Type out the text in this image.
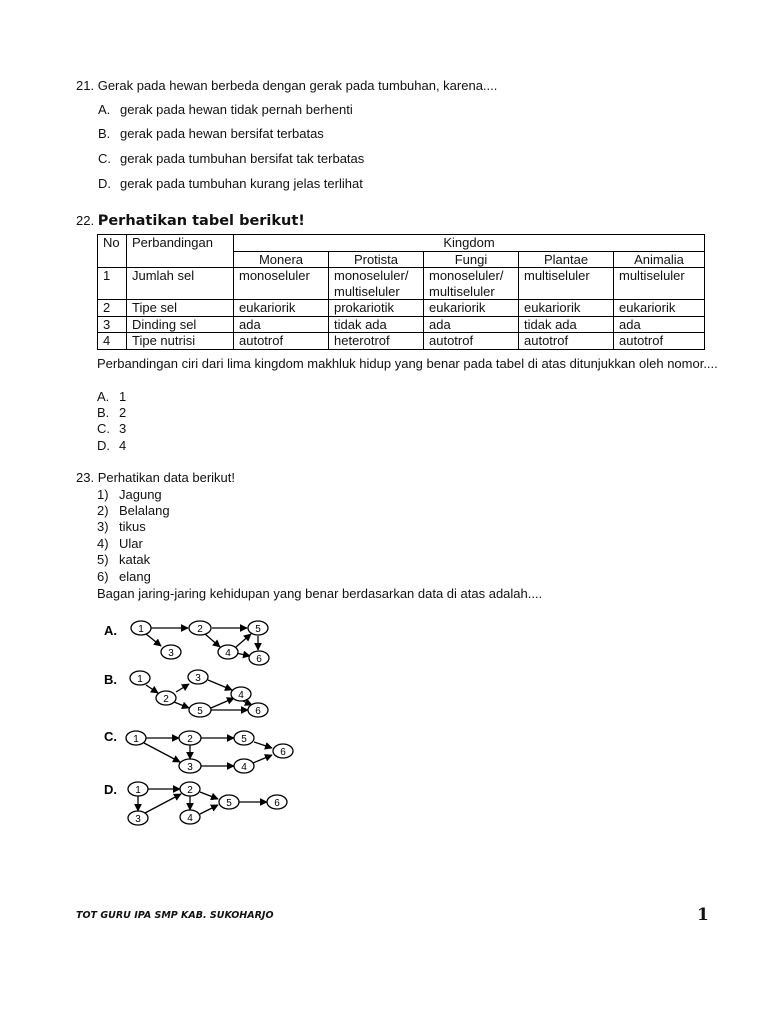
21. Gerak pada hewan berbeda dengan gerak pada tumbuhan, karena....
A. gerak pada hewan tidak pernah berhenti
B. gerak pada hewan bersifat terbatas
C. gerak pada tumbuhan bersifat tak terbatas
D. gerak pada tumbuhan kurang jelas terlihat
22. Perhatikan tabel berikut!
No	Perbandingan	Kingdom				
		Monera	Protista	Fungi	Plantae	Animalia
1	Jumlah sel	monoseluler	monoseluler/ multiseluler	monoseluler/ multiseluler	multiseluler	multiseluler
2	Tipe sel	eukariorik	prokariotik	eukariorik	eukariorik	eukariorik
3	Dinding sel	ada	tidak ada	ada	tidak ada	ada
4	Tipe nutrisi	autotrof	heterotrof	autotrof	autotrof	autotrof
Perbandingan ciri dari lima kingdom makhluk hidup yang benar pada tabel di atas ditunjukkan oleh nomor....
A. 1
B. 2
C. 3
D. 4
23. Perhatikan data berikut!
1) Jagung
2) Belalang
3) tikus
4) Ular
5) katak
6) elang
Bagan jaring-jaring kehidupan yang benar berdasarkan data di atas adalah....
A. 1	2	5
3	4
6
B. 1
2
3
4
5	6
C. 1	2	5
3	4
6
D. 1	2
3	4
5	6
TOT GURU IPA SMP KAB. SUKOHARJO	1
